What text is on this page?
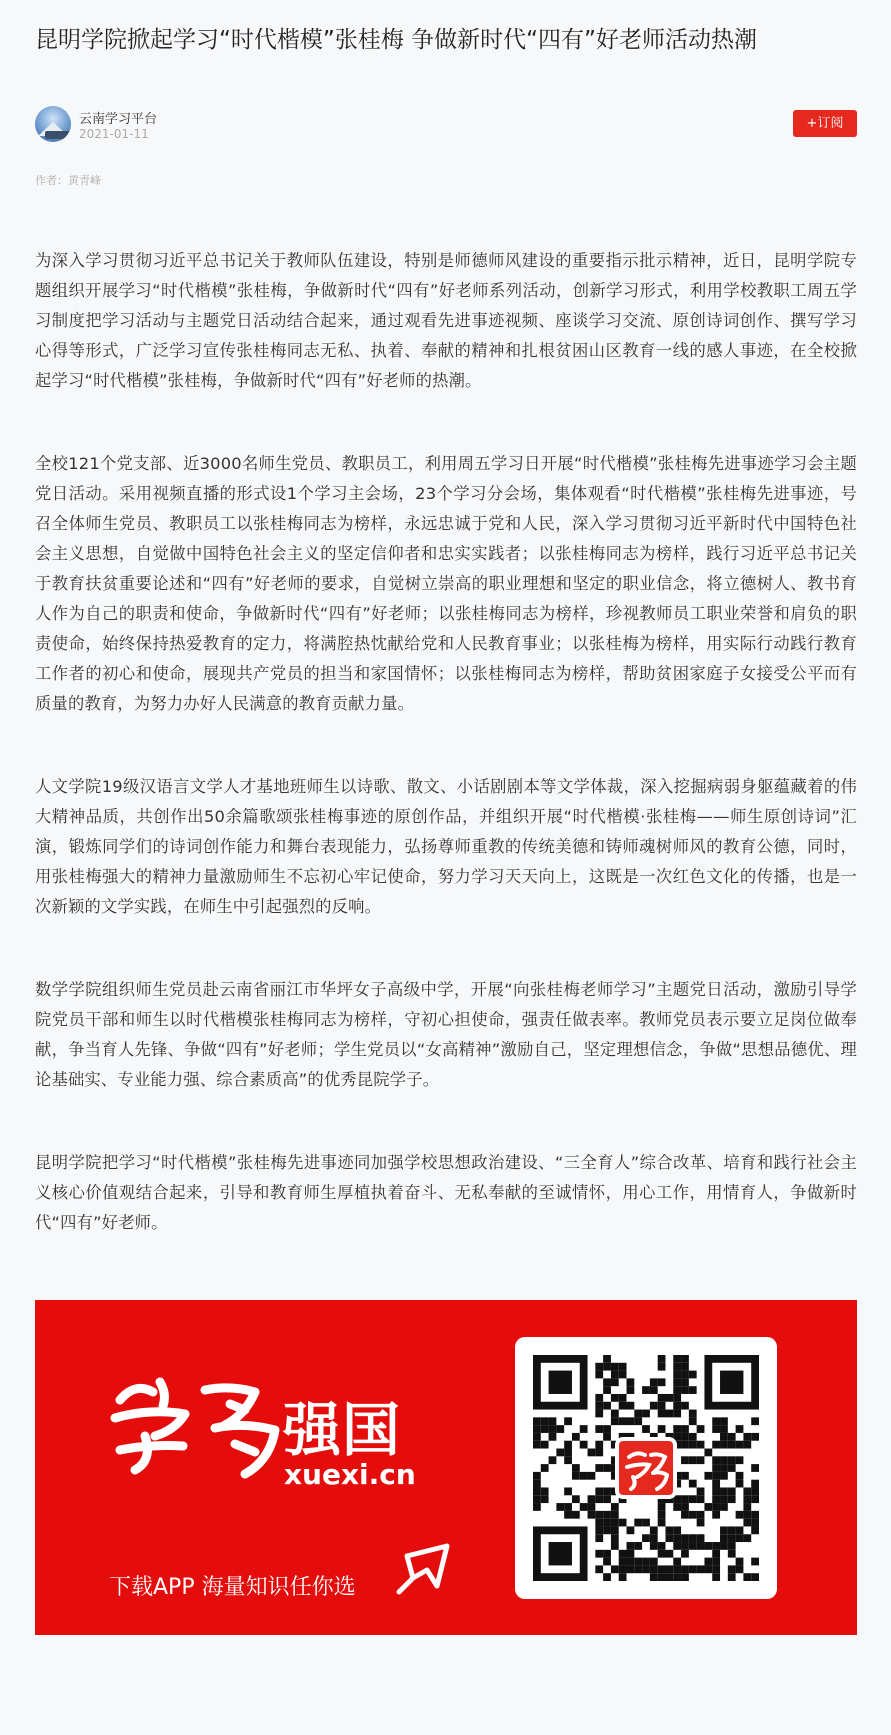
昆明学院掀起学习“时代楷模”张桂梅 争做新时代“四有”好老师活动热潮
云南学习平台
2021-01-11
+订阅
作者：黄青峰

为深入学习贯彻习近平总书记关于教师队伍建设，特别是师德师风建设的重要指示批示精神，近日，昆明学院专题组织开展学习“时代楷模”张桂梅，争做新时代“四有”好老师系列活动，创新学习形式，利用学校教职工周五学习制度把学习活动与主题党日活动结合起来，通过观看先进事迹视频、座谈学习交流、原创诗词创作、撰写学习心得等形式，广泛学习宣传张桂梅同志无私、执着、奉献的精神和扎根贫困山区教育一线的感人事迹，在全校掀起学习“时代楷模”张桂梅，争做新时代“四有”好老师的热潮。

全校121个党支部、近3000名师生党员、教职员工，利用周五学习日开展“时代楷模”张桂梅先进事迹学习会主题党日活动。采用视频直播的形式设1个学习主会场，23个学习分会场，集体观看“时代楷模”张桂梅先进事迹，号召全体师生党员、教职员工以张桂梅同志为榜样，永远忠诚于党和人民，深入学习贯彻习近平新时代中国特色社会主义思想，自觉做中国特色社会主义的坚定信仰者和忠实实践者；以张桂梅同志为榜样，践行习近平总书记关于教育扶贫重要论述和“四有”好老师的要求，自觉树立崇高的职业理想和坚定的职业信念，将立德树人、教书育人作为自己的职责和使命，争做新时代“四有”好老师；以张桂梅同志为榜样，珍视教师员工职业荣誉和肩负的职责使命，始终保持热爱教育的定力，将满腔热忱献给党和人民教育事业；以张桂梅为榜样，用实际行动践行教育工作者的初心和使命，展现共产党员的担当和家国情怀；以张桂梅同志为榜样，帮助贫困家庭子女接受公平而有质量的教育，为努力办好人民满意的教育贡献力量。

人文学院19级汉语言文学人才基地班师生以诗歌、散文、小话剧剧本等文学体裁，深入挖掘病弱身躯蕴藏着的伟大精神品质，共创作出50余篇歌颂张桂梅事迹的原创作品，并组织开展“时代楷模·张桂梅——师生原创诗词”汇演，锻炼同学们的诗词创作能力和舞台表现能力，弘扬尊师重教的传统美德和铸师魂树师风的教育公德，同时，用张桂梅强大的精神力量激励师生不忘初心牢记使命，努力学习天天向上，这既是一次红色文化的传播，也是一次新颖的文学实践，在师生中引起强烈的反响。

数学学院组织师生党员赴云南省丽江市华坪女子高级中学，开展“向张桂梅老师学习”主题党日活动，激励引导学院党员干部和师生以时代楷模张桂梅同志为榜样，守初心担使命，强责任做表率。教师党员表示要立足岗位做奉献，争当育人先锋、争做“四有”好老师；学生党员以“女高精神”激励自己，坚定理想信念，争做“思想品德优、理论基础实、专业能力强、综合素质高”的优秀昆院学子。

昆明学院把学习“时代楷模”张桂梅先进事迹同加强学校思想政治建设、“三全育人”综合改革、培育和践行社会主义核心价值观结合起来，引导和教育师生厚植执着奋斗、无私奉献的至诚情怀，用心工作，用情育人，争做新时代“四有”好老师。

强国
xuexi.cn
下载APP 海量知识任你选
